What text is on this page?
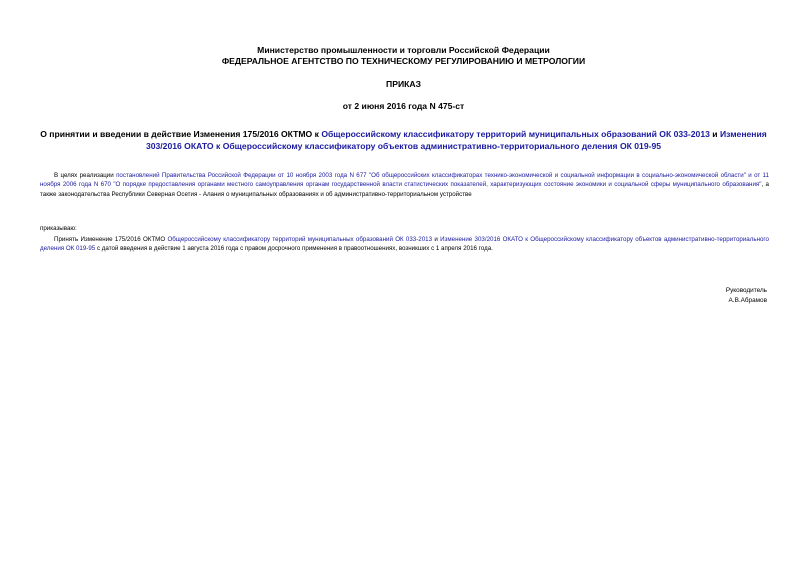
Министерство промышленности и торговли Российской Федерации
ФЕДЕРАЛЬНОЕ АГЕНТСТВО ПО ТЕХНИЧЕСКОМУ РЕГУЛИРОВАНИЮ И МЕТРОЛОГИИ
ПРИКАЗ
от 2 июня 2016 года N 475-ст
О принятии и введении в действие Изменения 175/2016 ОКТМО к Общероссийскому классификатору территорий муниципальных образований ОК 033-2013 и Изменения 303/2016 ОКАТО к Общероссийскому классификатору объектов административно-территориального деления ОК 019-95
В целях реализации постановлений Правительства Российской Федерации от 10 ноября 2003 года N 677 "Об общероссийских классификаторах технико-экономической и социальной информации в социально-экономической области" и от 11 ноября 2006 года N 670 "О порядке предоставления органами местного самоуправления органам государственной власти статистических показателей, характеризующих состояние экономики и социальной сферы муниципального образования", а также законодательства Республики Северная Осетия - Алания о муниципальных образованиях и об административно-территориальном устройстве
приказываю:
Принять Изменение 175/2016 ОКТМО Общероссийскому классификатору территорий муниципальных образований ОК 033-2013 и Изменение 303/2016 ОКАТО к Общероссийскому классификатору объектов административно-территориального деления ОК 019-95 с датой введения в действие 1 августа 2016 года с правом досрочного применения в правоотношениях, возникших с 1 апреля 2016 года.
Руководитель
А.В.Абрамов
